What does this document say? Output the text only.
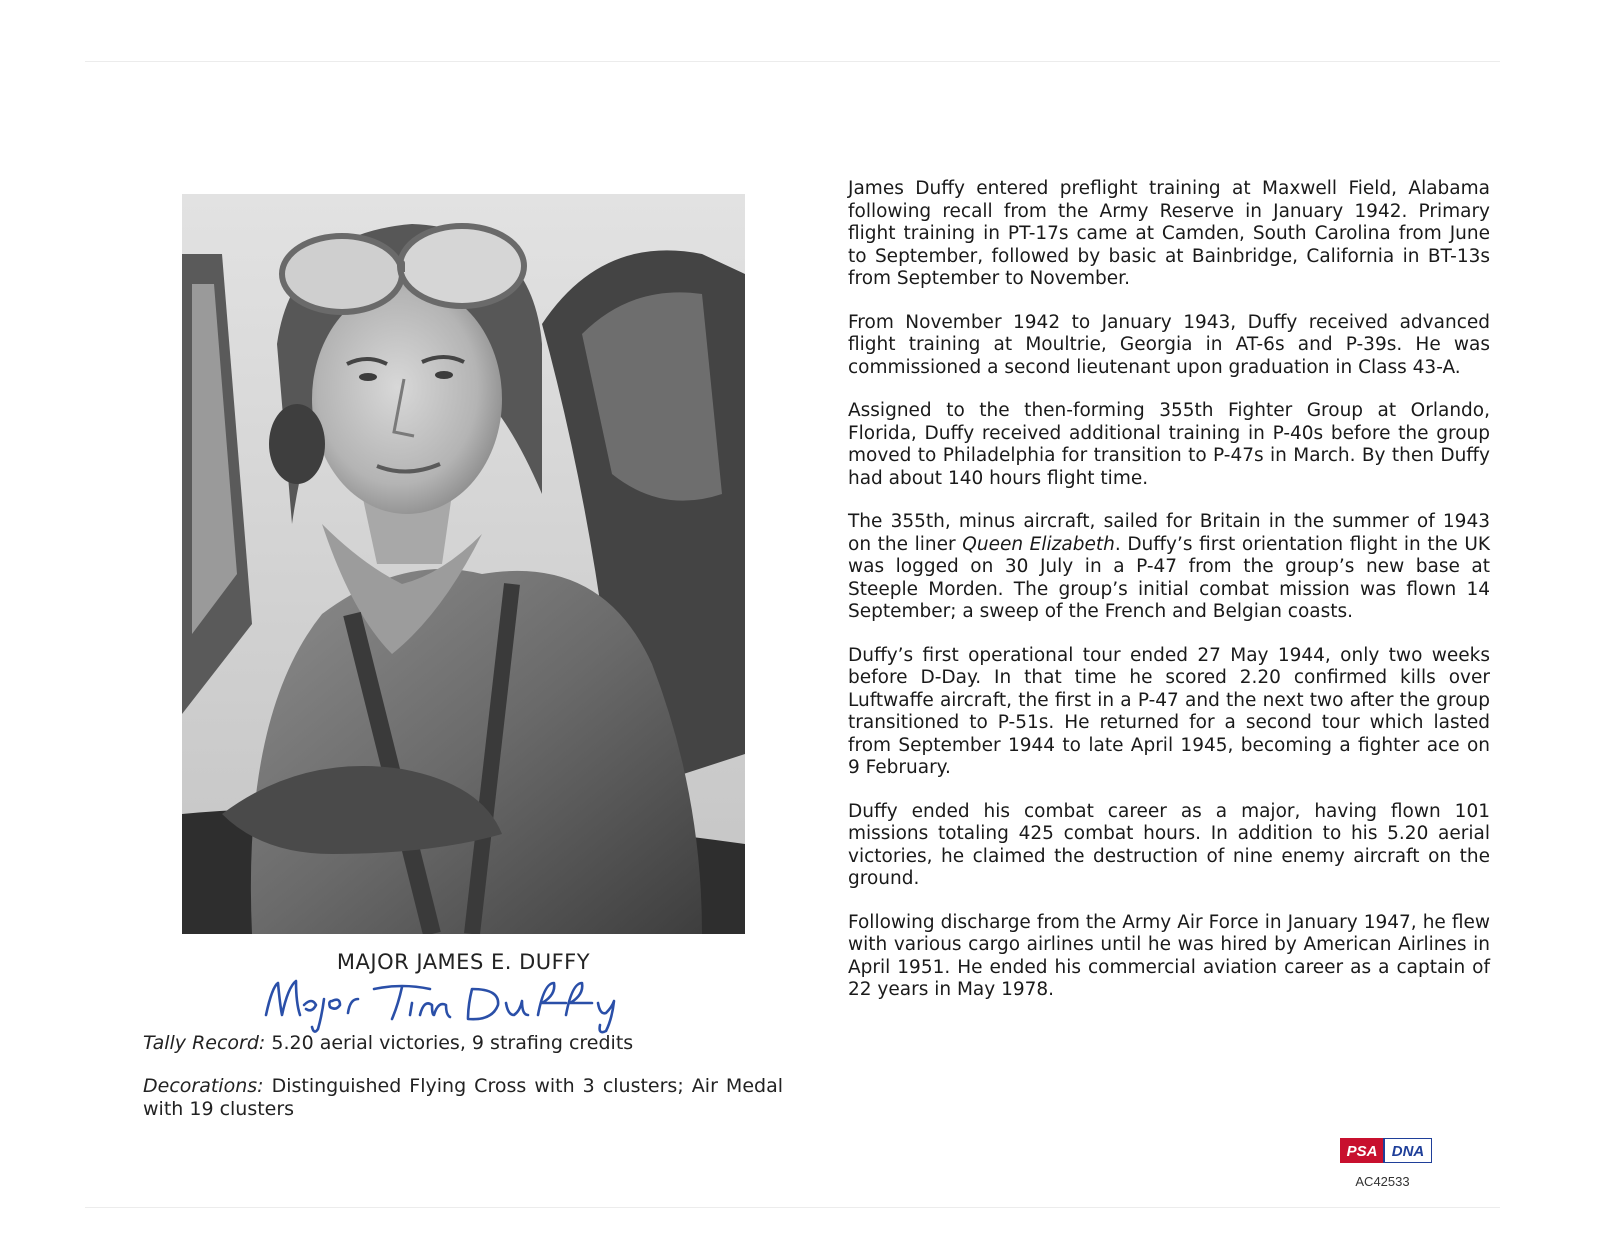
MAJOR JAMES E. DUFFY
Tally Record: 5.20 aerial victories, 9 strafing credits
Decorations: Distinguished Flying Cross with 3 clusters; Air Medal with 19 clusters

James Duffy entered preflight training at Maxwell Field, Alabama following recall from the Army Reserve in January 1942. Primary flight training in PT-17s came at Camden, South Carolina from June to September, followed by basic at Bainbridge, California in BT-13s from September to November.

From November 1942 to January 1943, Duffy received advanced flight training at Moultrie, Georgia in AT-6s and P-39s. He was commissioned a second lieutenant upon graduation in Class 43-A.

Assigned to the then-forming 355th Fighter Group at Orlando, Florida, Duffy received additional training in P-40s before the group moved to Philadelphia for transition to P-47s in March. By then Duffy had about 140 hours flight time.

The 355th, minus aircraft, sailed for Britain in the summer of 1943 on the liner Queen Elizabeth. Duffy’s first orientation flight in the UK was logged on 30 July in a P-47 from the group’s new base at Steeple Morden. The group’s initial combat mission was flown 14 September; a sweep of the French and Belgian coasts.

Duffy’s first operational tour ended 27 May 1944, only two weeks before D-Day. In that time he scored 2.20 confirmed kills over Luftwaffe aircraft, the first in a P-47 and the next two after the group transitioned to P-51s. He returned for a second tour which lasted from September 1944 to late April 1945, becoming a fighter ace on 9 February.

Duffy ended his combat career as a major, having flown 101 missions totaling 425 combat hours. In addition to his 5.20 aerial victories, he claimed the destruction of nine enemy aircraft on the ground.

Following discharge from the Army Air Force in January 1947, he flew with various cargo airlines until he was hired by American Airlines in April 1951. He ended his commercial aviation career as a captain of 22 years in May 1978.

PSA DNA
AC42533
